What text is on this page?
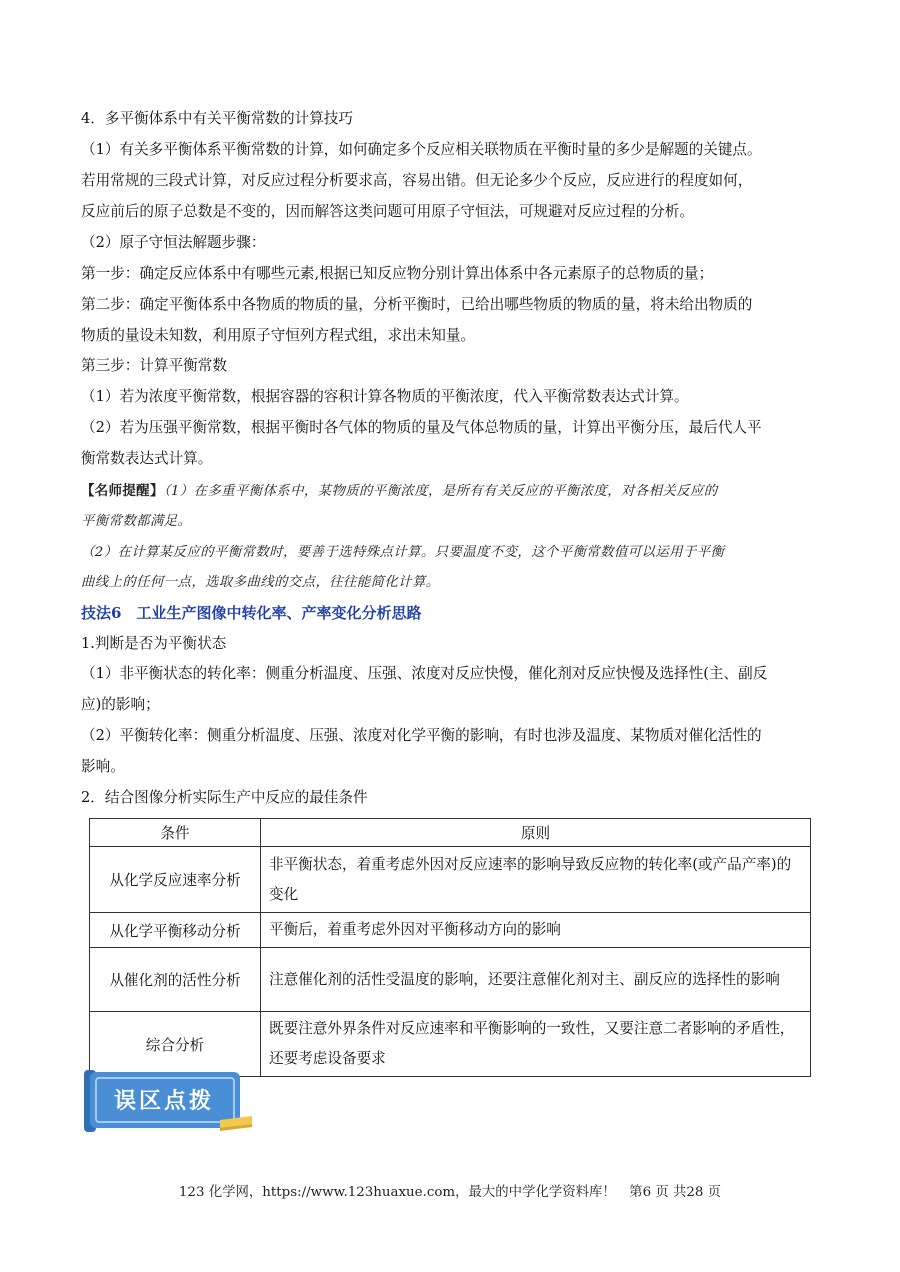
4．多平衡体系中有关平衡常数的计算技巧
（1）有关多平衡体系平衡常数的计算，如何确定多个反应相关联物质在平衡时量的多少是解题的关键点。
若用常规的三段式计算，对反应过程分析要求高，容易出错。但无论多少个反应，反应进行的程度如何，
反应前后的原子总数是不变的，因而解答这类问题可用原子守恒法，可规避对反应过程的分析。
（2）原子守恒法解题步骤：
第一步：确定反应体系中有哪些元素,根据已知反应物分别计算出体系中各元素原子的总物质的量；
第二步：确定平衡体系中各物质的物质的量，分析平衡时，已给出哪些物质的物质的量，将未给出物质的
物质的量设未知数，利用原子守恒列方程式组，求出未知量。
第三步：计算平衡常数
（1）若为浓度平衡常数，根据容器的容积计算各物质的平衡浓度，代入平衡常数表达式计算。
（2）若为压强平衡常数，根据平衡时各气体的物质的量及气体总物质的量，计算出平衡分压，最后代人平
衡常数表达式计算。
【名师提醒】（1）在多重平衡体系中，某物质的平衡浓度，是所有有关反应的平衡浓度，对各相关反应的
平衡常数都满足。
（2）在计算某反应的平衡常数时，要善于选特殊点计算。只要温度不变，这个平衡常数值可以运用于平衡
曲线上的任何一点，选取多曲线的交点，往往能简化计算。
技法6　工业生产图像中转化率、产率变化分析思路
1.判断是否为平衡状态
（1）非平衡状态的转化率：侧重分析温度、压强、浓度对反应快慢，催化剂对反应快慢及选择性(主、副反
应)的影响；
（2）平衡转化率：侧重分析温度、压强、浓度对化学平衡的影响，有时也涉及温度、某物质对催化活性的
影响。
2．结合图像分析实际生产中反应的最佳条件
条件	原则
从化学反应速率分析	非平衡状态，着重考虑外因对反应速率的影响导致反应物的转化率(或产品产率)的变化
从化学平衡移动分析	平衡后，着重考虑外因对平衡移动方向的影响
从催化剂的活性分析	注意催化剂的活性受温度的影响，还要注意催化剂对主、副反应的选择性的影响
综合分析	既要注意外界条件对反应速率和平衡影响的一致性，又要注意二者影响的矛盾性，还要考虑设备要求
误区点拨
123 化学网，https://www.123huaxue.com，最大的中学化学资料库！　第6 页 共28 页
